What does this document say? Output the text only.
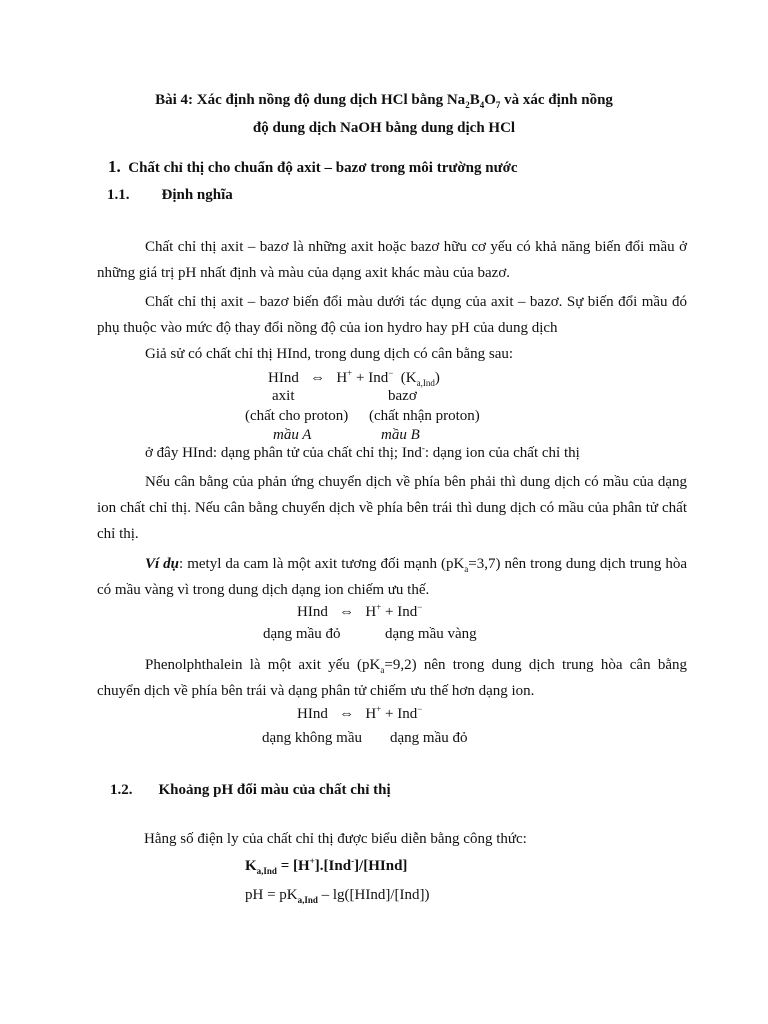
Bài 4: Xác định nồng độ dung dịch HCl bằng $Na_2B_4O_7$ và xác định nồng
độ dung dịch NaOH bằng dung dịch HCl
1. Chất chỉ thị cho chuẩn độ axit – bazơ trong môi trường nước
1.1. Định nghĩa
Chất chỉ thị axit – bazơ là những axit hoặc bazơ hữu cơ yếu có khả năng biến đổi mầu ở những giá trị pH nhất định và màu của dạng axit khác màu của bazơ.
Chất chỉ thị axit – bazơ biến đổi màu dưới tác dụng của axit – bazơ. Sự biến đổi mầu đó phụ thuộc vào mức độ thay đổi nồng độ của ion hydro hay pH của dung dịch
Giả sử có chất chỉ thị HInd, trong dung dịch có cân bằng sau:
HInd ⇔ H+ + Ind−  $(K_{a,Ind})$
axit	bazơ
(chất cho proton) (chất nhận proton)
mầu A	mầu B
ở đây HInd: dạng phân tử của chất chỉ thị; Ind-: dạng ion của chất chỉ thị
Nếu cân bằng của phản ứng chuyển dịch về phía bên phải thì dung dịch có mầu của dạng ion chất chỉ thị. Nếu cân bằng chuyển dịch về phía bên trái thì dung dịch có mầu của phân tử chất chỉ thị.
Ví dụ: metyl da cam là một axit tương đối mạnh $(pK_a=3,7)$ nên trong dung dịch trung hòa có mầu vàng vì trong dung dịch dạng ion chiếm ưu thế.
HInd ⇔ H+ + Ind−
dạng mầu đỏ	dạng mầu vàng
Phenolphthalein là một axit yếu $(pK_a=9,2)$ nên trong dung dịch trung hòa cân bằng chuyển dịch về phía bên trái và dạng phân tử chiếm ưu thế hơn dạng ion.
HInd ⇔ H+ + Ind−
dạng không mầu dạng mầu đỏ
1.2. Khoảng pH đổi màu của chất chỉ thị
Hằng số điện ly của chất chỉ thị được biểu diễn bằng công thức:
$K_{a,Ind}$ = [H+].[Ind-]/[HInd]
pH = $pK_{a,Ind}$ – lg([HInd]/[Ind])
